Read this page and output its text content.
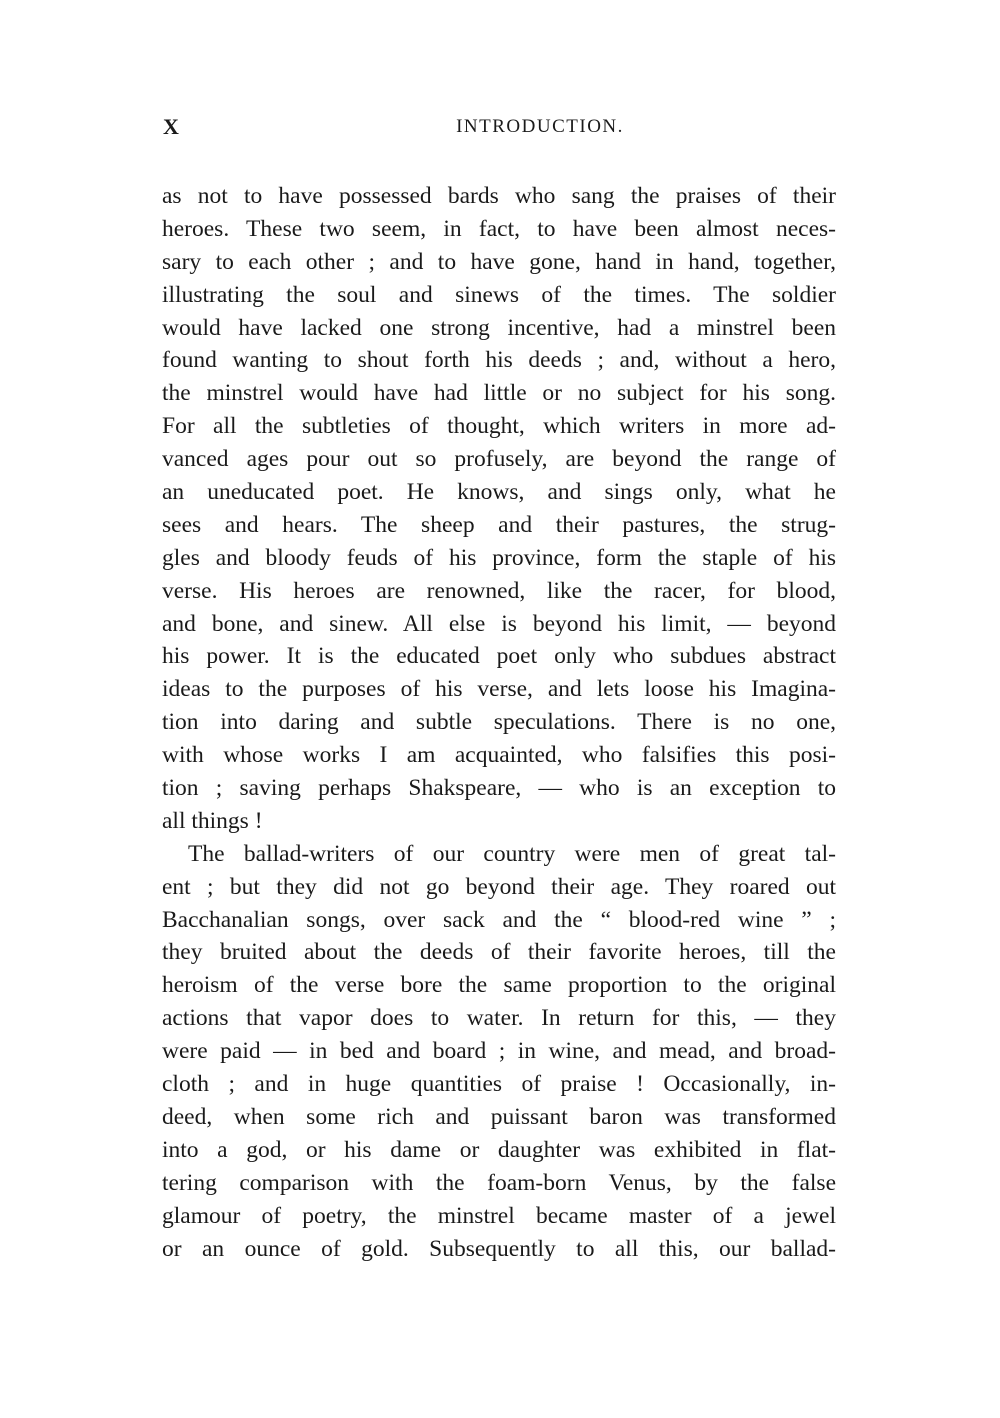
X	INTRODUCTION.
as not to have possessed bards who sang the praises of their
heroes. These two seem, in fact, to have been almost neces-
sary to each other ; and to have gone, hand in hand, together,
illustrating the soul and sinews of the times. The soldier
would have lacked one strong incentive, had a minstrel been
found wanting to shout forth his deeds ; and, without a hero,
the minstrel would have had little or no subject for his song.
For all the subtleties of thought, which writers in more ad-
vanced ages pour out so profusely, are beyond the range of
an uneducated poet. He knows, and sings only, what he
sees and hears. The sheep and their pastures, the strug-
gles and bloody feuds of his province, form the staple of his
verse. His heroes are renowned, like the racer, for blood,
and bone, and sinew. All else is beyond his limit, — beyond
his power. It is the educated poet only who subdues abstract
ideas to the purposes of his verse, and lets loose his Imagina-
tion into daring and subtle speculations. There is no one,
with whose works I am acquainted, who falsifies this posi-
tion ; saving perhaps Shakspeare, — who is an exception to
all things !
The ballad-writers of our country were men of great tal-
ent ; but they did not go beyond their age. They roared out
Bacchanalian songs, over sack and the “ blood-red wine ” ;
they bruited about the deeds of their favorite heroes, till the
heroism of the verse bore the same proportion to the original
actions that vapor does to water. In return for this, — they
were paid — in bed and board ; in wine, and mead, and broad-
cloth ; and in huge quantities of praise ! Occasionally, in-
deed, when some rich and puissant baron was transformed
into a god, or his dame or daughter was exhibited in flat-
tering comparison with the foam-born Venus, by the false
glamour of poetry, the minstrel became master of a jewel
or an ounce of gold. Subsequently to all this, our ballad-
